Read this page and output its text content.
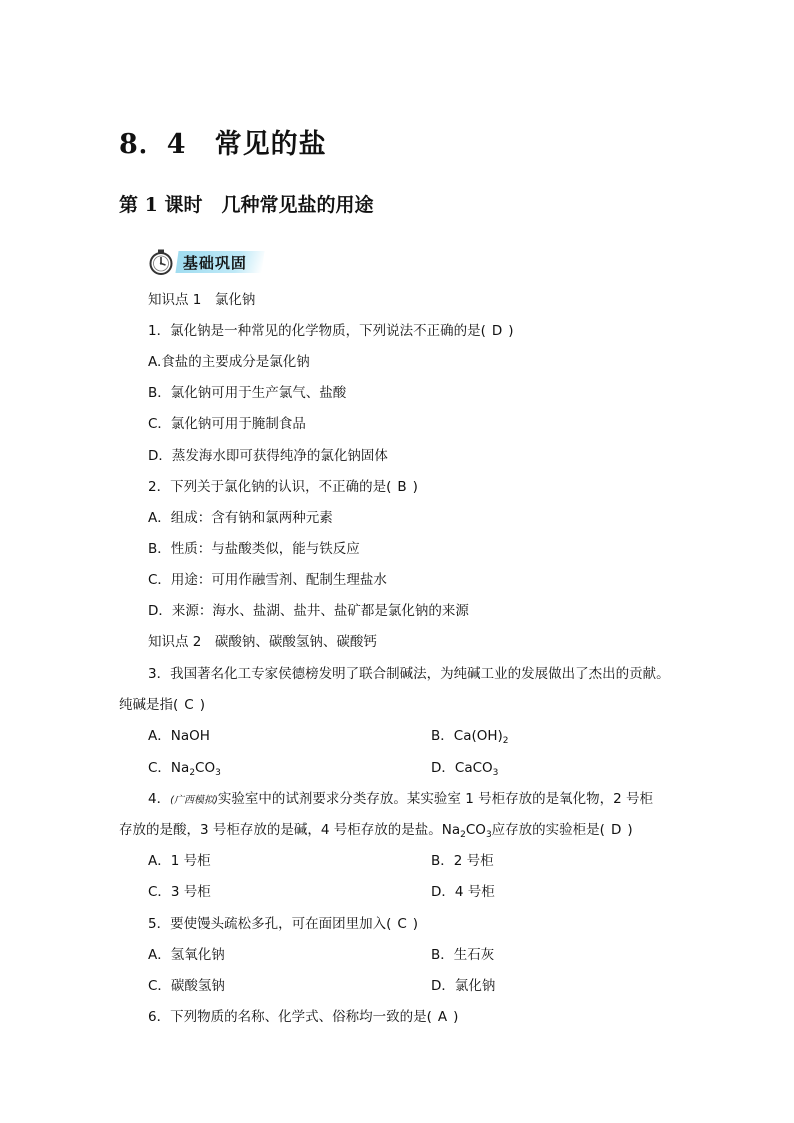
8．4　常见的盐
第 1 课时　几种常见盐的用途
基础巩固
知识点 1　氯化钠
1．氯化钠是一种常见的化学物质，下列说法不正确的是( D )
A.食盐的主要成分是氯化钠
B．氯化钠可用于生产氯气、盐酸
C．氯化钠可用于腌制食品
D．蒸发海水即可获得纯净的氯化钠固体
2．下列关于氯化钠的认识，不正确的是( B )
A．组成：含有钠和氯两种元素
B．性质：与盐酸类似，能与铁反应
C．用途：可用作融雪剂、配制生理盐水
D．来源：海水、盐湖、盐井、盐矿都是氯化钠的来源
知识点 2　碳酸钠、碳酸氢钠、碳酸钙
3．我国著名化工专家侯德榜发明了联合制碱法，为纯碱工业的发展做出了杰出的贡献。
纯碱是指( C )
A．NaOH	B．$Ca(OH)_2$
C．$Na_2CO_3$	D．CaCO$_3$
4．(广西模拟)实验室中的试剂要求分类存放。某实验室 1 号柜存放的是氧化物，2 号柜
存放的是酸，3 号柜存放的是碱，4 号柜存放的是盐。$Na_2CO_3$应存放的实验柜是( D )
A．1 号柜	B．2 号柜
C．3 号柜	D．4 号柜
5．要使馒头疏松多孔，可在面团里加入( C )
A．氢氧化钠	B．生石灰
C．碳酸氢钠	D．氯化钠
6．下列物质的名称、化学式、俗称均一致的是( A )
